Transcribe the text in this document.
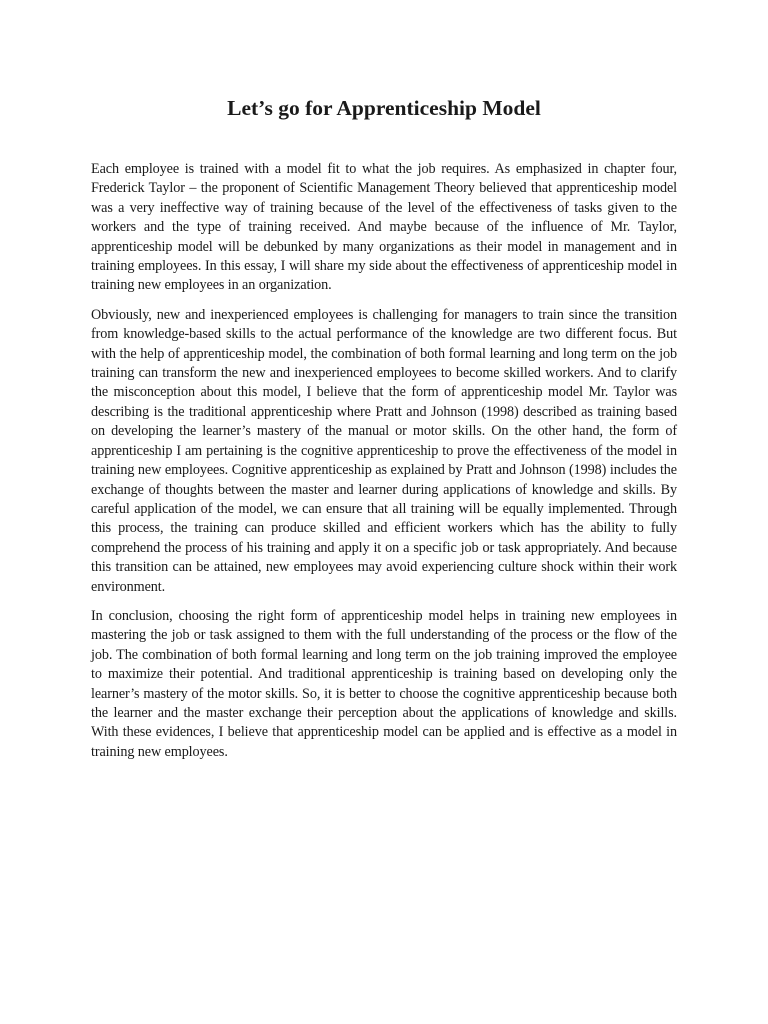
Let’s go for Apprenticeship Model

Each employee is trained with a model fit to what the job requires. As emphasized in chapter four, Frederick Taylor – the proponent of Scientific Management Theory believed that apprenticeship model was a very ineffective way of training because of the level of the effectiveness of tasks given to the workers and the type of training received. And maybe because of the influence of Mr. Taylor, apprenticeship model will be debunked by many organizations as their model in management and in training employees. In this essay, I will share my side about the effectiveness of apprenticeship model in training new employees in an organization.

Obviously, new and inexperienced employees is challenging for managers to train since the transition from knowledge-based skills to the actual performance of the knowledge are two different focus. But with the help of apprenticeship model, the combination of both formal learning and long term on the job training can transform the new and inexperienced employees to become skilled workers. And to clarify the misconception about this model, I believe that the form of apprenticeship model Mr. Taylor was describing is the traditional apprenticeship where Pratt and Johnson (1998) described as training based on developing the learner’s mastery of the manual or motor skills. On the other hand, the form of apprenticeship I am pertaining is the cognitive apprenticeship to prove the effectiveness of the model in training new employees. Cognitive apprenticeship as explained by Pratt and Johnson (1998) includes the exchange of thoughts between the master and learner during applications of knowledge and skills. By careful application of the model, we can ensure that all training will be equally implemented. Through this process, the training can produce skilled and efficient workers which has the ability to fully comprehend the process of his training and apply it on a specific job or task appropriately. And because this transition can be attained, new employees may avoid experiencing culture shock within their work environment.

In conclusion, choosing the right form of apprenticeship model helps in training new employees in mastering the job or task assigned to them with the full understanding of the process or the flow of the job. The combination of both formal learning and long term on the job training improved the employee to maximize their potential. And traditional apprenticeship is training based on developing only the learner’s mastery of the motor skills. So, it is better to choose the cognitive apprenticeship because both the learner and the master exchange their perception about the applications of knowledge and skills. With these evidences, I believe that apprenticeship model can be applied and is effective as a model in training new employees.
